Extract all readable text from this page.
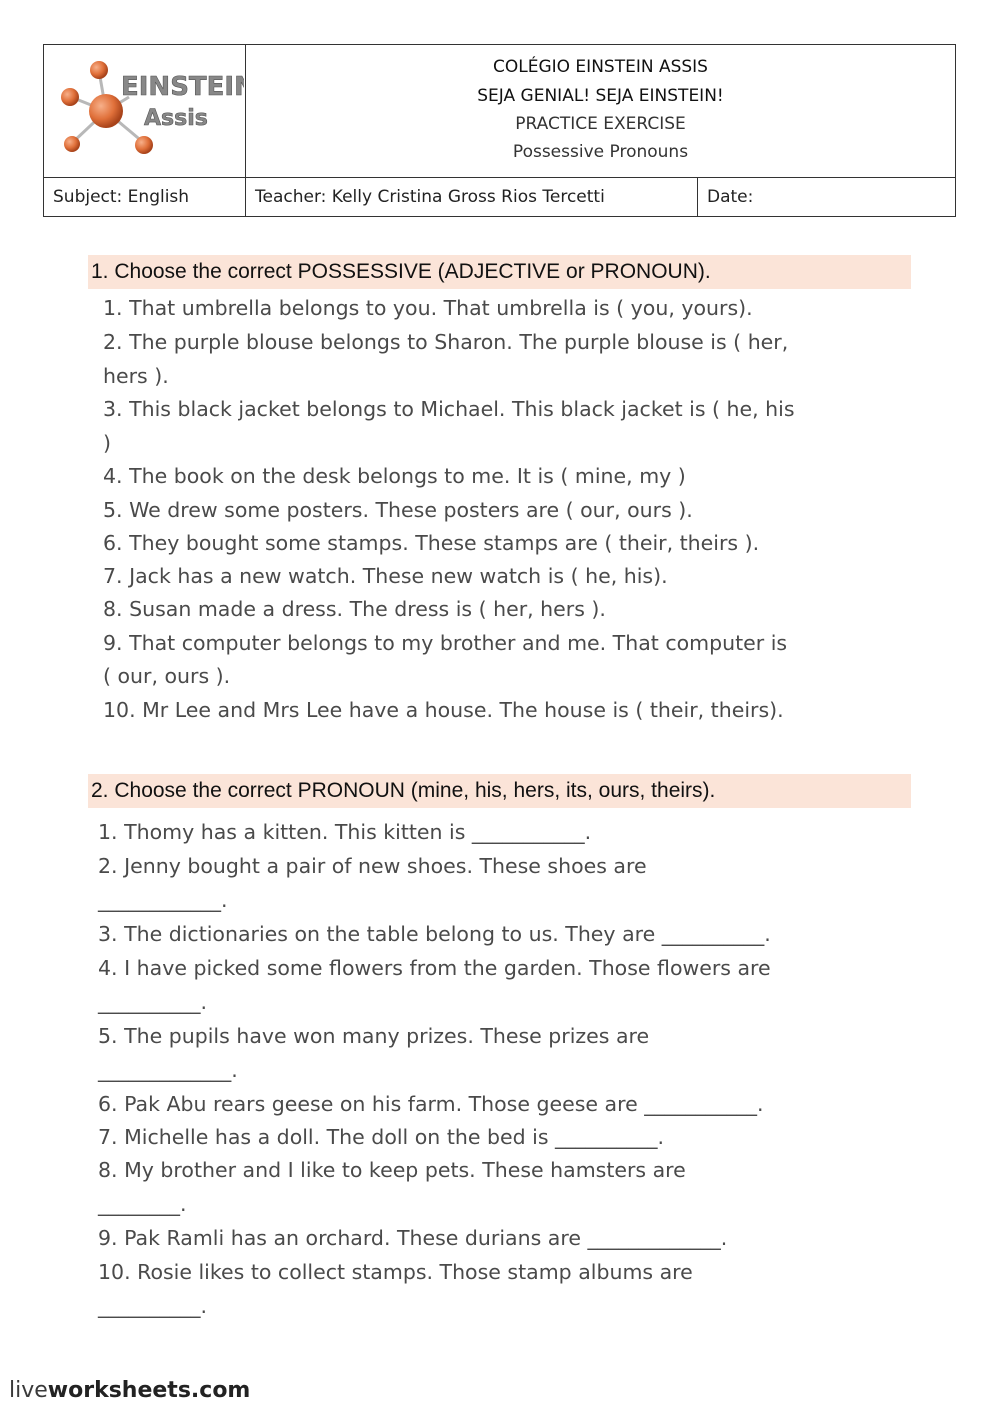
EINSTEIN
Assis
COLÉGIO EINSTEIN ASSIS
SEJA GENIAL! SEJA EINSTEIN!
PRACTICE EXERCISE
Possessive Pronouns
Subject: English	Teacher: Kelly Cristina Gross Rios Tercetti	Date:
1. Choose the correct POSSESSIVE (ADJECTIVE or PRONOUN).
1. That umbrella belongs to you. That umbrella is ( you, yours).
2. The purple blouse belongs to Sharon. The purple blouse is ( her,
hers ).
3. This black jacket belongs to Michael. This black jacket is ( he, his
)
4. The book on the desk belongs to me. It is ( mine, my )
5. We drew some posters. These posters are ( our, ours ).
6. They bought some stamps. These stamps are ( their, theirs ).
7. Jack has a new watch. These new watch is ( he, his).
8. Susan made a dress. The dress is ( her, hers ).
9. That computer belongs to my brother and me. That computer is
( our, ours ).
10. Mr Lee and Mrs Lee have a house. The house is ( their, theirs).
2. Choose the correct PRONOUN (mine, his, hers, its, ours, theirs).
1. Thomy has a kitten. This kitten is ___________.
2. Jenny bought a pair of new shoes. These shoes are
____________.
3. The dictionaries on the table belong to us. They are __________.
4. I have picked some flowers from the garden. Those flowers are
__________.
5. The pupils have won many prizes. These prizes are
_____________.
6. Pak Abu rears geese on his farm. Those geese are ___________.
7. Michelle has a doll. The doll on the bed is __________.
8. My brother and I like to keep pets. These hamsters are
________.
9. Pak Ramli has an orchard. These durians are _____________.
10. Rosie likes to collect stamps. Those stamp albums are
__________.
liveworksheets.com
